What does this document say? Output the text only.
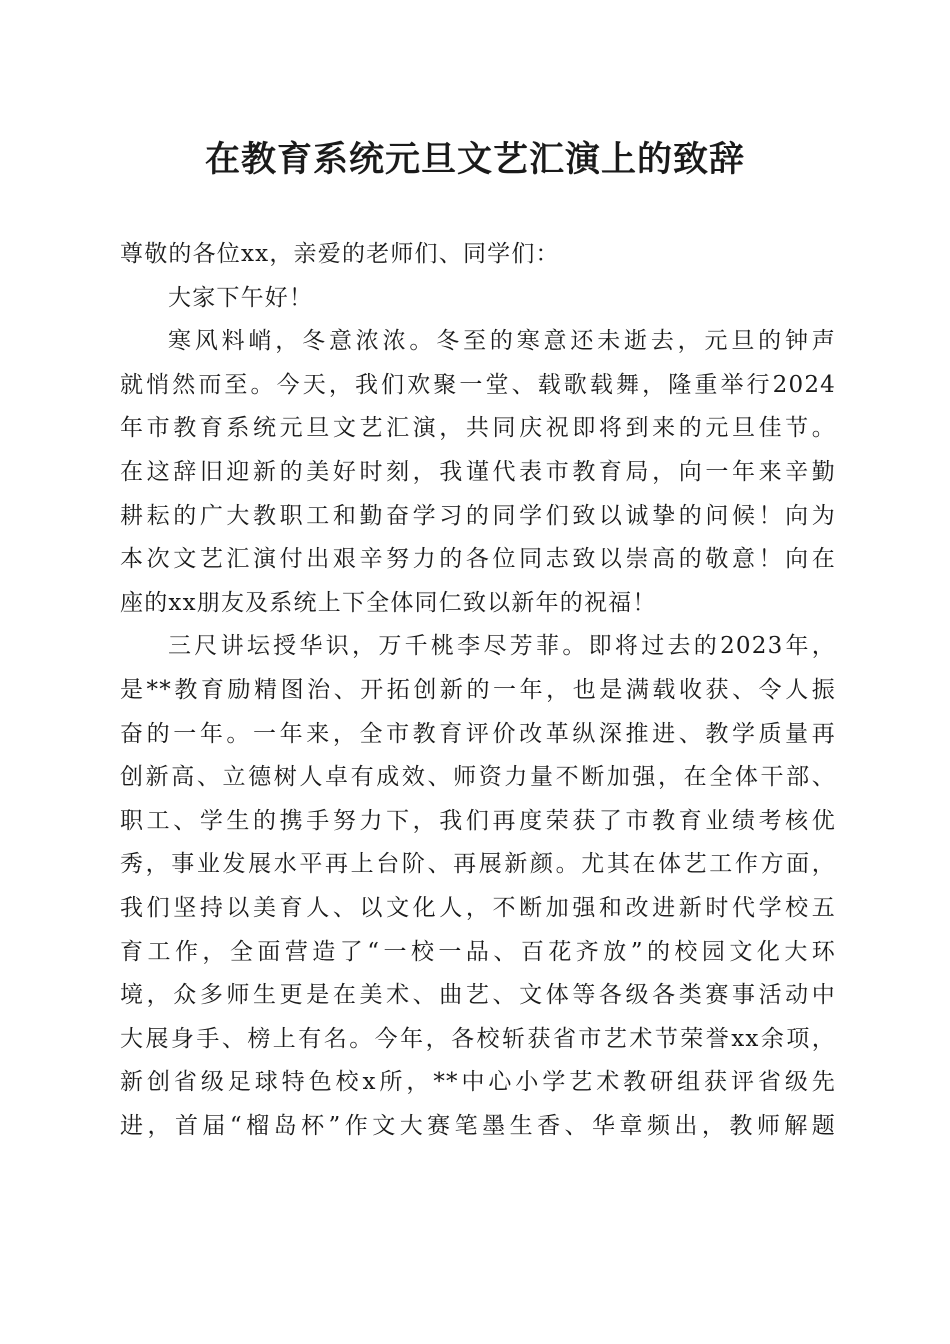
在教育系统元旦文艺汇演上的致辞
尊敬的各位xx，亲爱的老师们、同学们：
大家下午好！
寒风料峭，冬意浓浓。冬至的寒意还未逝去，元旦的钟声
就悄然而至。今天，我们欢聚一堂、载歌载舞，隆重举行2024
年市教育系统元旦文艺汇演，共同庆祝即将到来的元旦佳节。
在这辞旧迎新的美好时刻，我谨代表市教育局，向一年来辛勤
耕耘的广大教职工和勤奋学习的同学们致以诚挚的问候！向为
本次文艺汇演付出艰辛努力的各位同志致以崇高的敬意！向在
座的xx朋友及系统上下全体同仁致以新年的祝福！
三尺讲坛授华识，万千桃李尽芳菲。即将过去的2023年，
是**教育励精图治、开拓创新的一年，也是满载收获、令人振
奋的一年。一年来，全市教育评价改革纵深推进、教学质量再
创新高、立德树人卓有成效、师资力量不断加强，在全体干部、
职工、学生的携手努力下，我们再度荣获了市教育业绩考核优
秀，事业发展水平再上台阶、再展新颜。尤其在体艺工作方面，
我们坚持以美育人、以文化人，不断加强和改进新时代学校五
育工作，全面营造了“一校一品、百花齐放”的校园文化大环
境，众多师生更是在美术、曲艺、文体等各级各类赛事活动中
大展身手、榜上有名。今年，各校斩获省市艺术节荣誉xx余项，
新创省级足球特色校x所，**中心小学艺术教研组获评省级先
进，首届“榴岛杯”作文大赛笔墨生香、华章频出，教师解题
